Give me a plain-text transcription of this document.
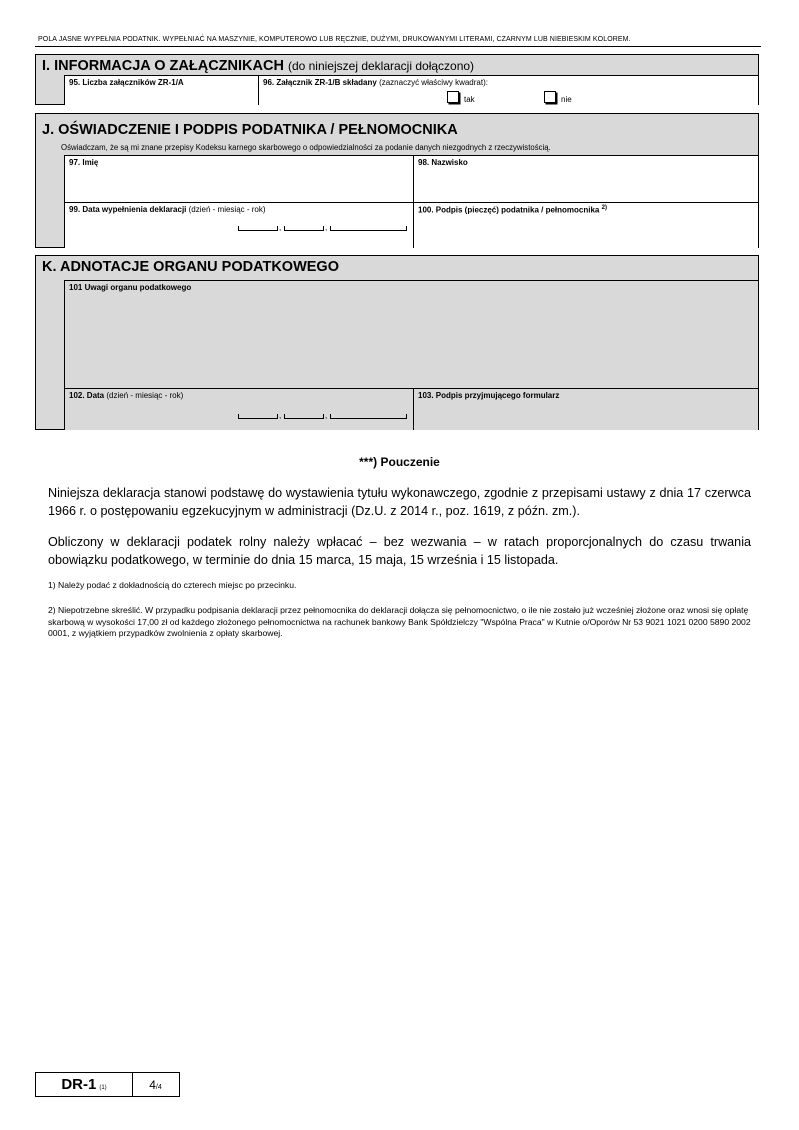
POLA JASNE WYPEŁNIA PODATNIK. WYPEŁNIAĆ NA MASZYNIE, KOMPUTEROWO LUB RĘCZNIE, DUŻYMI, DRUKOWANYMI LITERAMI, CZARNYM LUB NIEBIESKIM KOLOREM.
I. INFORMACJA O ZAŁĄCZNIKACH (do niniejszej deklaracji dołączono)
95. Liczba załączników ZR-1/A	96. Załącznik ZR-1/B składany (zaznaczyć właściwy kwadrat):
tak	nie
J. OŚWIADCZENIE I PODPIS PODATNIKA / PEŁNOMOCNIKA
Oświadczam, że są mi znane przepisy Kodeksu karnego skarbowego o odpowiedzialności za podanie danych niezgodnych z rzeczywistością.
97. Imię	98. Nazwisko
99. Data wypełnienia deklaracji (dzień - miesiąc - rok)
,	,
100. Podpis (pieczęć) podatnika / pełnomocnika $^{2)}$
K. ADNOTACJE ORGANU PODATKOWEGO
101 Uwagi organu podatkowego
102. Data (dzień - miesiąc - rok)
,	,
103. Podpis przyjmującego formularz
***) Pouczenie
Niniejsza deklaracja stanowi podstawę do wystawienia tytułu wykonawczego, zgodnie z przepisami ustawy z dnia 17 czerwca 1966 r. o postępowaniu egzekucyjnym w administracji (Dz.U. z 2014 r., poz. 1619, z późn. zm.).
Obliczony w deklaracji podatek rolny należy wpłacać – bez wezwania – w ratach proporcjonalnych do czasu trwania obowiązku podatkowego, w terminie do dnia 15 marca, 15 maja, 15 września i 15 listopada.
1) Należy podać z dokładnością do czterech miejsc po przecinku.
2) Niepotrzebne skreślić. W przypadku podpisania deklaracji przez pełnomocnika do deklaracji dołącza się pełnomocnictwo, o ile nie zostało już wcześniej złożone oraz wnosi się opłatę skarbową w wysokości 17,00 zł od każdego złożonego pełnomocnictwa na rachunek bankowy Bank Spółdzielczy "Wspólna Praca" w Kutnie o/Oporów Nr 53 9021 1021 0200 5890 2002 0001, z wyjątkiem przypadków zwolnienia z opłaty skarbowej.
DR-1 (1)	4/4
